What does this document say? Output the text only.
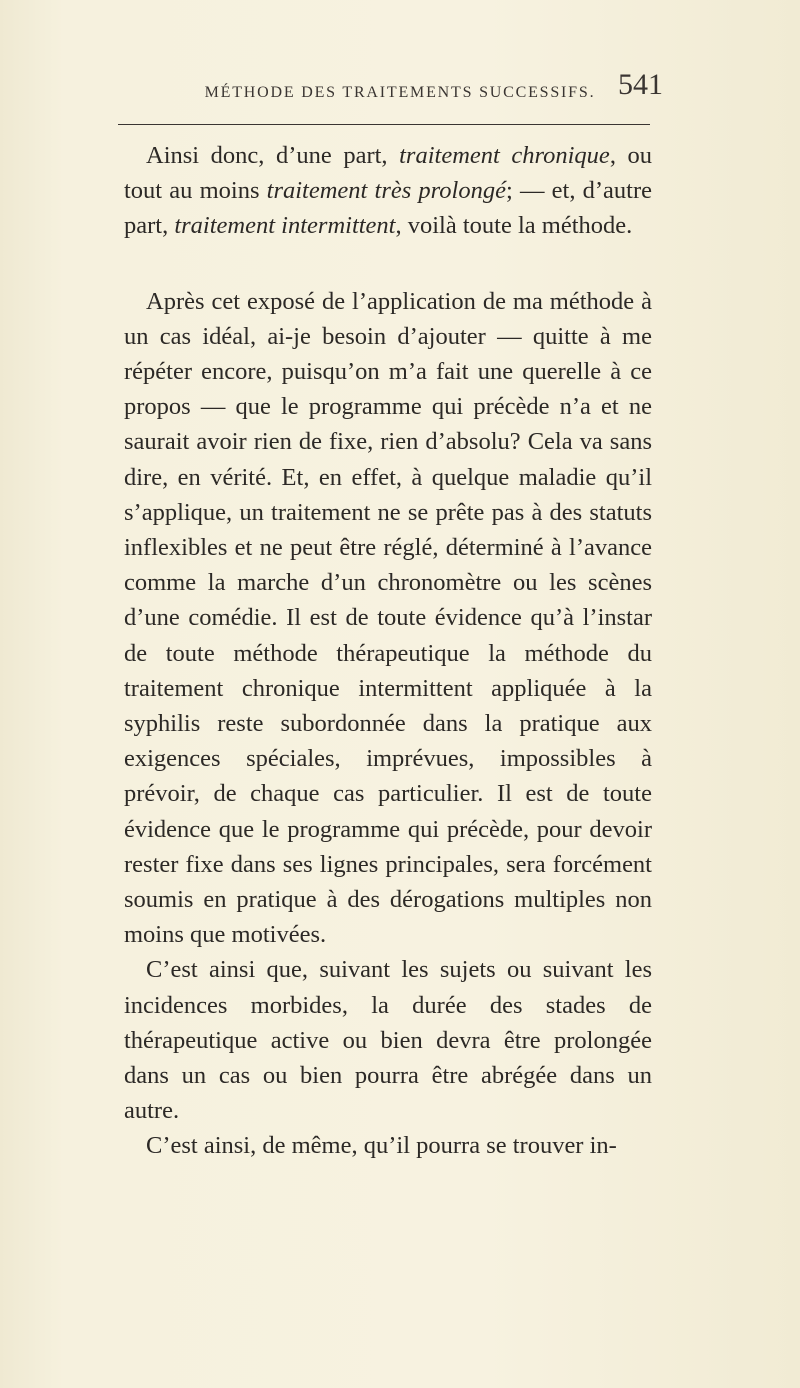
MÉTHODE DES TRAITEMENTS SUCCESSIFS. 541

Ainsi donc, d’une part, traitement chronique, ou tout au moins traitement très prolongé; — et, d’autre part, traitement intermittent, voilà toute la méthode.

Après cet exposé de l’application de ma méthode à un cas idéal, ai-je besoin d’ajouter — quitte à me répéter encore, puisqu’on m’a fait une querelle à ce propos — que le programme qui précède n’a et ne saurait avoir rien de fixe, rien d’absolu? Cela va sans dire, en vérité. Et, en effet, à quelque maladie qu’il s’applique, un traitement ne se prête pas à des statuts inflexibles et ne peut être réglé, déterminé à l’avance comme la marche d’un chronomètre ou les scènes d’une comédie. Il est de toute évidence qu’à l’instar de toute méthode thérapeutique la méthode du traitement chronique intermittent appliquée à la syphilis reste subordonnée dans la pratique aux exigences spéciales, imprévues, impossibles à prévoir, de chaque cas particulier. Il est de toute évidence que le programme qui précède, pour devoir rester fixe dans ses lignes principales, sera forcément soumis en pratique à des dérogations multiples non moins que motivées.

C’est ainsi que, suivant les sujets ou suivant les incidences morbides, la durée des stades de thérapeutique active ou bien devra être prolongée dans un cas ou bien pourra être abrégée dans un autre.

C’est ainsi, de même, qu’il pourra se trouver in-
